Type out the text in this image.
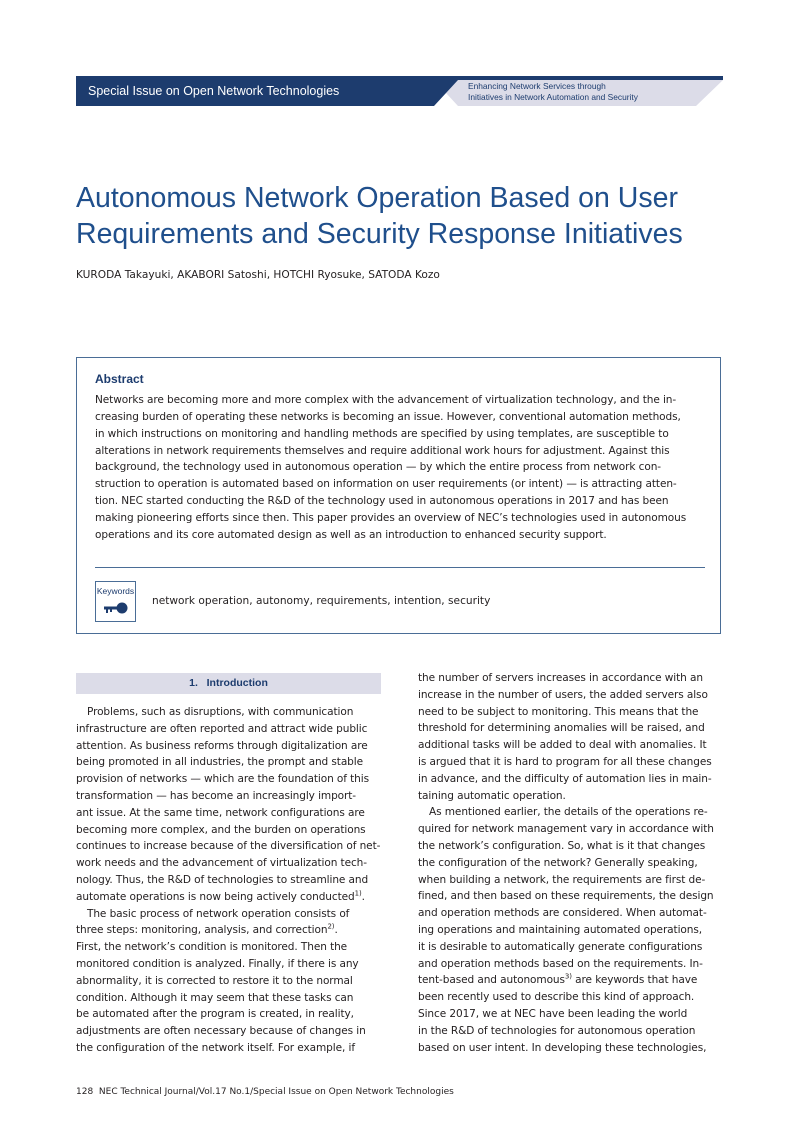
Special Issue on Open Network Technologies	Enhancing Network Services through
Initiatives in Network Automation and Security
Autonomous Network Operation Based on User
Requirements and Security Response Initiatives
KURODA Takayuki, AKABORI Satoshi, HOTCHI Ryosuke, SATODA Kozo
Abstract
Networks are becoming more and more complex with the advancement of virtualization technology, and the in-
creasing burden of operating these networks is becoming an issue. However, conventional automation methods,
in which instructions on monitoring and handling methods are specified by using templates, are susceptible to
alterations in network requirements themselves and require additional work hours for adjustment. Against this
background, the technology used in autonomous operation — by which the entire process from network con-
struction to operation is automated based on information on user requirements (or intent) — is attracting atten-
tion. NEC started conducting the R&D of the technology used in autonomous operations in 2017 and has been
making pioneering efforts since then. This paper provides an overview of NEC’s technologies used in autonomous
operations and its core automated design as well as an introduction to enhanced security support.
Keywords
network operation, autonomy, requirements, intention, security
1.   Introduction
Problems, such as disruptions, with communication
infrastructure are often reported and attract wide public
attention. As business reforms through digitalization are
being promoted in all industries, the prompt and stable
provision of networks — which are the foundation of this
transformation — has become an increasingly import-
ant issue. At the same time, network configurations are
becoming more complex, and the burden on operations
continues to increase because of the diversification of net-
work needs and the advancement of virtualization tech-
nology. Thus, the R&D of technologies to streamline and
automate operations is now being actively conducted$^{1)}$.
The basic process of network operation consists of
three steps: monitoring, analysis, and correction$^{2)}$.
First, the network’s condition is monitored. Then the
monitored condition is analyzed. Finally, if there is any
abnormality, it is corrected to restore it to the normal
condition. Although it may seem that these tasks can
be automated after the program is created, in reality,
adjustments are often necessary because of changes in
the configuration of the network itself. For example, if
the number of servers increases in accordance with an
increase in the number of users, the added servers also
need to be subject to monitoring. This means that the
threshold for determining anomalies will be raised, and
additional tasks will be added to deal with anomalies. It
is argued that it is hard to program for all these changes
in advance, and the difficulty of automation lies in main-
taining automatic operation.
As mentioned earlier, the details of the operations re-
quired for network management vary in accordance with
the network’s configuration. So, what is it that changes
the configuration of the network? Generally speaking,
when building a network, the requirements are first de-
fined, and then based on these requirements, the design
and operation methods are considered. When automat-
ing operations and maintaining automated operations,
it is desirable to automatically generate configurations
and operation methods based on the requirements. In-
tent-based and autonomous$^{3)}$ are keywords that have
been recently used to describe this kind of approach.
Since 2017, we at NEC have been leading the world
in the R&D of technologies for autonomous operation
based on user intent. In developing these technologies,
128  NEC Technical Journal∕Vol.17 No.1∕Special Issue on Open Network Technologies
